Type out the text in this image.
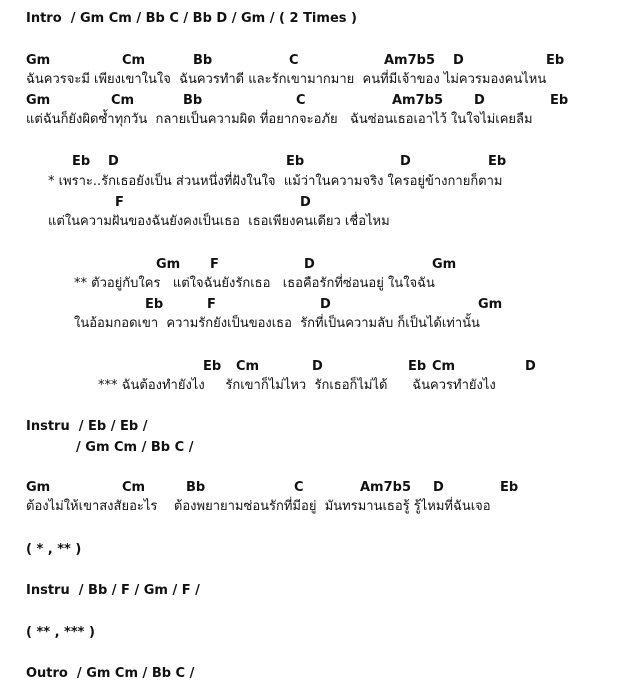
Intro  / Gm Cm / Bb C / Bb D / Gm / ( 2 Times )
Gm	Cm	Bb	C	Am7b5 D	Eb
ฉันควรจะมี เพียงเขาในใจ  ฉันควรทำดี และรักเขามากมาย  คนที่มีเจ้าของ ไม่ควรมองคนไหน
Gm	Cm	Bb	C	Am7b5 D	Eb
แต่ฉันก็ยังผิดซ้ำทุกวัน  กลายเป็นความผิด ที่อยากจะอภัย   ฉันซ่อนเธอเอาไว้ ในใจไม่เคยลืม
Eb D	Eb	D	Eb
* เพราะ..รักเธอยังเป็น ส่วนหนึ่งที่ฝังในใจ  แม้ว่าในความจริง ใครอยู่ข้างกายก็ตาม
F	D
แต่ในความฝันของฉันยังคงเป็นเธอ  เธอเพียงคนเดียว เชื่อไหม
Gm F	D	Gm
** ตัวอยู่กับใคร   แต่ใจฉันยังรักเธอ   เธอคือรักที่ซ่อนอยู่ ในใจฉัน
Eb	F	D	Gm
ในอ้อมกอดเขา  ความรักยังเป็นของเธอ  รักที่เป็นความลับ ก็เป็นได้เท่านั้น
Eb Cm	D	Eb Cm	D
*** ฉันต้องทำยังไง     รักเขาก็ไม่ไหว  รักเธอก็ไม่ได้      ฉันควรทำยังไง
Instru  / Eb / Eb /
/ Gm Cm / Bb C /
Gm	Cm	Bb	C	Am7b5 D	Eb
ต้องไม่ให้เขาสงสัยอะไร    ต้องพยายามซ่อนรักที่มีอยู่  มันทรมานเธอรู้ รู้ไหมที่ฉันเจอ
( * , ** )
Instru  / Bb / F / Gm / F /
( ** , *** )
Outro  / Gm Cm / Bb C /
